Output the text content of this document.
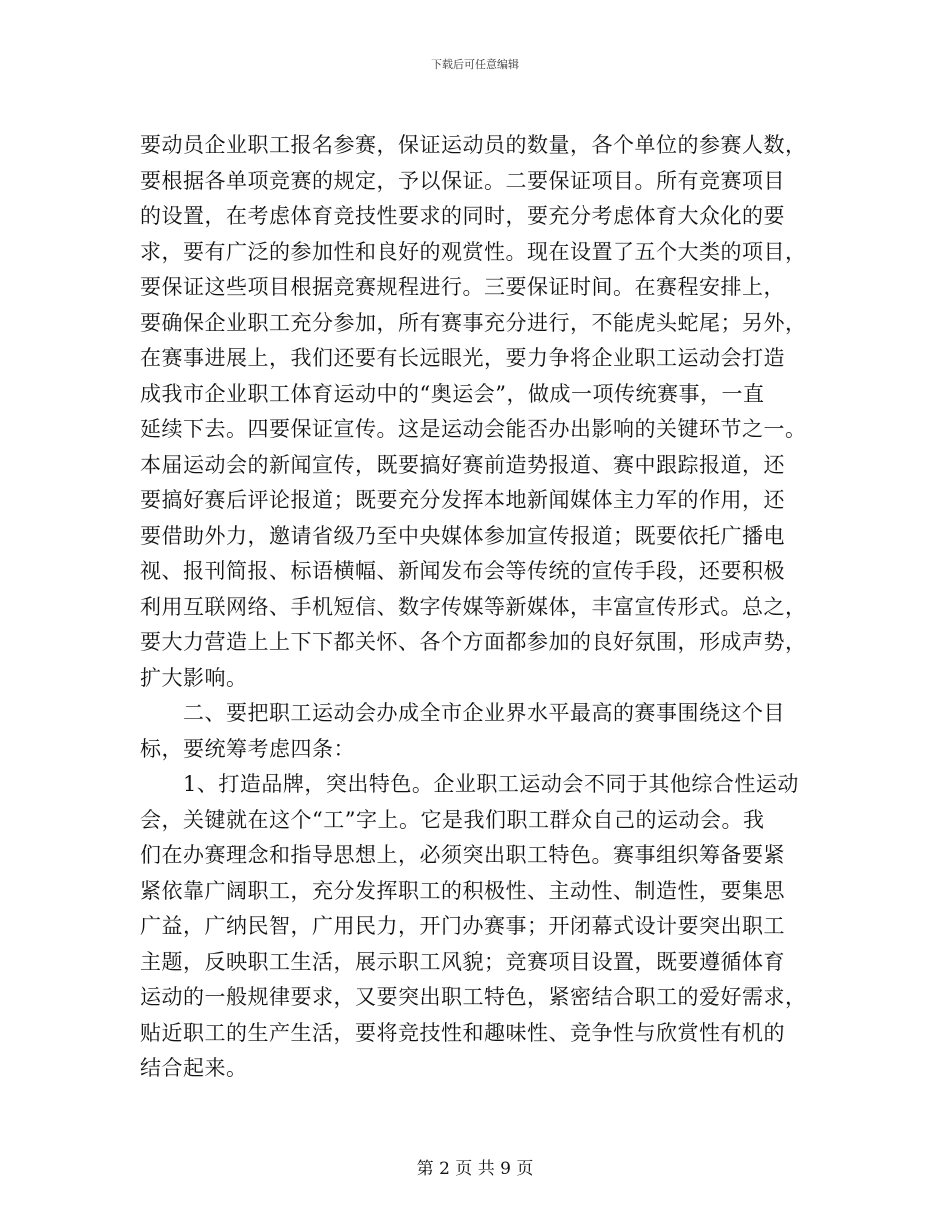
下载后可任意编辑
要动员企业职工报名参赛，保证运动员的数量，各个单位的参赛人数，
要根据各单项竞赛的规定，予以保证。二要保证项目。所有竞赛项目
的设置，在考虑体育竞技性要求的同时，要充分考虑体育大众化的要
求，要有广泛的参加性和良好的观赏性。现在设置了五个大类的项目，
要保证这些项目根据竞赛规程进行。三要保证时间。在赛程安排上，
要确保企业职工充分参加，所有赛事充分进行，不能虎头蛇尾；另外，
在赛事进展上，我们还要有长远眼光，要力争将企业职工运动会打造
成我市企业职工体育运动中的“奥运会”，做成一项传统赛事，一直
延续下去。四要保证宣传。这是运动会能否办出影响的关键环节之一。
本届运动会的新闻宣传，既要搞好赛前造势报道、赛中跟踪报道，还
要搞好赛后评论报道；既要充分发挥本地新闻媒体主力军的作用，还
要借助外力，邀请省级乃至中央媒体参加宣传报道；既要依托广播电
视、报刊简报、标语横幅、新闻发布会等传统的宣传手段，还要积极
利用互联网络、手机短信、数字传媒等新媒体，丰富宣传形式。总之，
要大力营造上上下下都关怀、各个方面都参加的良好氛围，形成声势，
扩大影响。
　　二、要把职工运动会办成全市企业界水平最高的赛事围绕这个目
标，要统筹考虑四条：
　　1、打造品牌，突出特色。企业职工运动会不同于其他综合性运动
会，关键就在这个“工”字上。它是我们职工群众自己的运动会。我
们在办赛理念和指导思想上，必须突出职工特色。赛事组织筹备要紧
紧依靠广阔职工，充分发挥职工的积极性、主动性、制造性，要集思
广益，广纳民智，广用民力，开门办赛事；开闭幕式设计要突出职工
主题，反映职工生活，展示职工风貌；竞赛项目设置，既要遵循体育
运动的一般规律要求，又要突出职工特色，紧密结合职工的爱好需求，
贴近职工的生产生活，要将竞技性和趣味性、竞争性与欣赏性有机的
结合起来。
第 2 页 共 9 页
